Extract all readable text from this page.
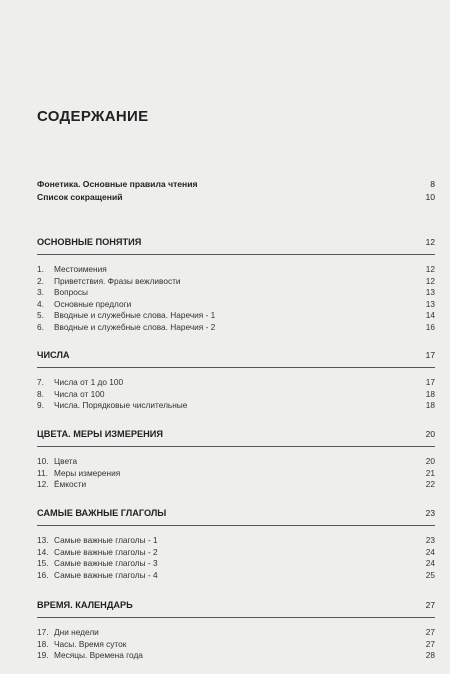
СОДЕРЖАНИЕ
Фонетика. Основные правила чтения	8
Список сокращений	10
ОСНОВНЫЕ ПОНЯТИЯ	12
1.	Местоимения	12
2.	Приветствия. Фразы вежливости	12
3.	Вопросы	13
4.	Основные предлоги	13
5.	Вводные и служебные слова. Наречия - 1	14
6.	Вводные и служебные слова. Наречия - 2	16
ЧИСЛА	17
7.	Числа от 1 до 100	17
8.	Числа от 100	18
9.	Числа. Порядковые числительные	18
ЦВЕТА. МЕРЫ ИЗМЕРЕНИЯ	20
10. Цвета	20
11. Меры измерения	21
12. Ёмкости	22
САМЫЕ ВАЖНЫЕ ГЛАГОЛЫ	23
13. Самые важные глаголы - 1	23
14. Самые важные глаголы - 2	24
15. Самые важные глаголы - 3	24
16. Самые важные глаголы - 4	25
ВРЕМЯ. КАЛЕНДАРЬ	27
17. Дни недели	27
18. Часы. Время суток	27
19. Месяцы. Времена года	28
